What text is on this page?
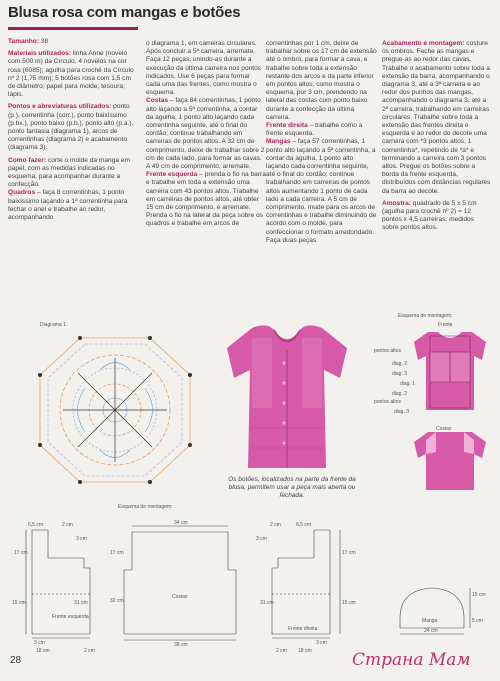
Blusa rosa com mangas e botões

Tamanho: 38

Materiais utilizados: linha Anne (novelo com 500 m) da Círculo, 4 novelos na cor rosa (6085); agulha para crochê da Círculo nº 2 (1,75 mm); 5 botões rosa com 1,5 cm de diâmetro; papel para molde; tesoura; lápis.

Pontos e abreviaturas utilizados: ponto (p.), correntinha (corr.), ponto baixíssimo (p.bx.), ponto baixo (p.b.), ponto alto (p.a.), ponto fantasia (diagrama 1), arcos de correntinhas (diagrama 2) e acabamento (diagrama 3).

Como fazer: corte o molde da manga em papel, com as medidas indicadas no esquema, para acompanhar durante a confecção.
Quadros – faça 8 correntinhas, 1 ponto baixíssimo laçando a 1ª correntinha para fechar o anel e trabalhe ao redor, acompanhando

o diagrama 1, em carreiras circulares. Após concluir a 5ª carreira, arremate. Faça 12 peças, unindo-as durante a execução da última carreira nos pontos indicados. Use 6 peças para formar cada uma das frentes, como mostra o esquema.
Costas – faça 84 correntinhas, 1 ponto alto laçando a 5ª correntinha, a contar da agulha, 1 ponto alto laçando cada correntinha seguinte, até o final do cordão; continue trabalhando em carreiras de pontos altos. A 32 cm de comprimento, deixe de trabalhar sobre 2 cm de cada lado, para formar as cavas. A 49 cm de comprimento, arremate.
Frente esquerda – prenda o fio na barra e trabalhe em toda a extensão uma carreira com 43 pontos altos. Trabalhe em carreiras de pontos altos, até obter 15 cm de comprimento, e arremate. Prenda o fio na lateral da peça sobre os quadros e trabalhe em arcos de

correntinhas por 1 cm, deixe de trabalhar sobre os 17 cm de extensão até o ombro, para formar a cava, e trabalhe sobre toda a extensão restante dos arcos e da parte inferior em pontos altos, como mostra o esquema, por 3 cm, prendendo na lateral das costas com ponto baixo durante a confecção da última carreira.
Frente direita – trabalhe como a frente esquerda.
Mangas – faça 57 correntinhas, 1 ponto alto laçando a 5ª correntinha, a contar da agulha, 1 ponto alto laçando cada correntinha seguinte, até o final do cordão; continue trabalhando em carreiras de pontos altos aumentando 1 ponto de cada lado a cada carreira. A 5 cm de comprimento, mude para os arcos de correntinhas e trabalhe diminuindo de acordo com o molde, para confeccionar o formato arredondado. Faça duas peças.

Acabamento e montagem: costure os ombros. Feche as mangas e pregue-as ao redor das cavas. Trabalhe o acabamento sobre toda a extensão da barra, acompanhando o diagrama 3, até a 3ª carreira e ao redor dos punhos das mangas, acompanhando o diagrama 3, até a 2ª carreira, trabalhando em carreiras circulares. Trabalhe sobre toda a extensão das frentes direita e esquerda e ao redor do decote uma carreira com *3 pontos altos, 1 correntinha*, repetindo de *a* e terminando a carreira com 3 pontos altos. Pregue os botões sobre a borda da frente esquerda, distribuídos com distâncias regulares da barra ao decote.

Amostra: quadrado de 5 x 5 cm (agulha para crochê nº 2) = 12 pontos x 4,5 carreiras, medidos sobre pontos altos.

Diagrama 1
Os botões, localizados na parte da frente da blusa, permitem usar a peça mais aberta ou fechada.
Esquema de montagem:
Frente
Costas
pontos altos
diag. 2
diag. 3
diag. 1
diag. 2
pontos altos
diag. 3
Esquema de montagem:
6,5 cm	2 cm
3 cm
17 cm
15 cm	31 cm
3 cm
Frente esquerda
18 cm	2 cm
34 cm
Costas
38 cm
17 cm
32 cm
2 cm	6,5 cm
3 cm
17 cm
15 cm
31 cm
3 cm
Frente direita
2 cm 18 cm
15 cm
5 cm
Manga
24 cm
28	Страна Мам
